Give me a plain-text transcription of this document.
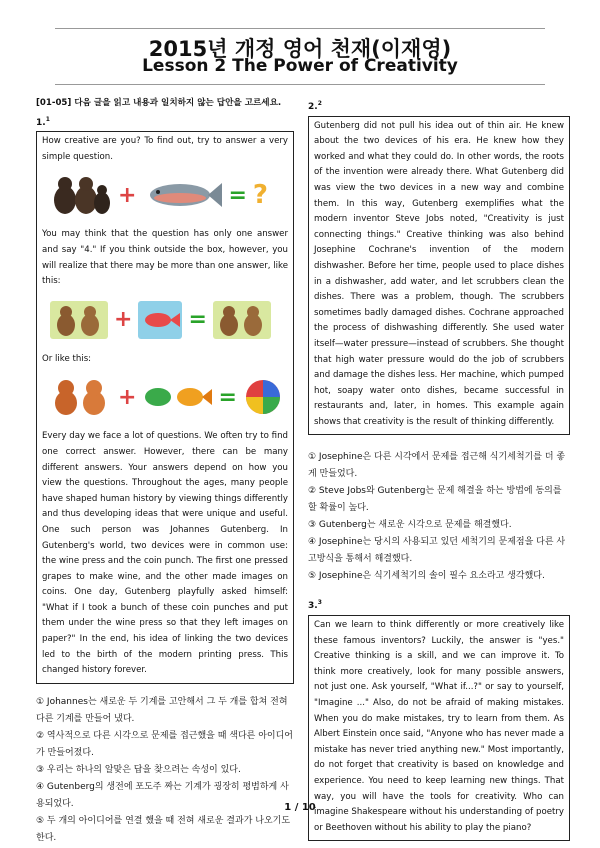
2015년 개정 영어 천재(이재영)
Lesson 2 The Power of Creativity

[01-05] 다음 글을 읽고 내용과 일치하지 않는 답안을 고르세요.

1.$^1$

How creative are you? To find out, try to answer a very simple question.

+	= ?

You may think that the question has only one answer and say "4." If you think outside the box, however, you will realize that there may be more than one answer, like this:

+	=

Or like this:

+	=

Every day we face a lot of questions. We often try to find one correct answer. However, there can be many different answers. Your answers depend on how you view the questions. Throughout the ages, many people have shaped human history by viewing things differently and thus developing ideas that were unique and useful. One such person was Johannes Gutenberg. In Gutenberg's world, two devices were in common use: the wine press and the coin punch. The first one pressed grapes to make wine, and the other made images on coins. One day, Gutenberg playfully asked himself: "What if I took a bunch of these coin punches and put them under the wine press so that they left images on paper?" In the end, his idea of linking the two devices led to the birth of the modern printing press. This changed history forever.

① Johannes는 새로운 두 기계를 고안해서 그 두 개를 합쳐 전혀 다른 기계를 만들어 냈다.

② 역사적으로 다른 시각으로 문제를 접근했을 때 색다른 아이디어가 만들어졌다.

③ 우리는 하나의 알맞은 답을 찾으려는 속성이 있다.

④ Gutenberg의 생전에 포도주 짜는 기계가 굉장히 평범하게 사용되었다.

⑤ 두 개의 아이디어를 연결 했을 때 전혀 새로운 결과가 나오기도 한다.

2.$^2$

Gutenberg did not pull his idea out of thin air. He knew about the two devices of his era. He knew how they worked and what they could do. In other words, the roots of the invention were already there. What Gutenberg did was view the two devices in a new way and combine them. In this way, Gutenberg exemplifies what the modern inventor Steve Jobs noted, "Creativity is just connecting things." Creative thinking was also behind Josephine Cochrane's invention of the modern dishwasher. Before her time, people used to place dishes in a dishwasher, add water, and let scrubbers clean the dishes. There was a problem, though. The scrubbers sometimes badly damaged dishes. Cochrane approached the process of dishwashing differently. She used water itself—water pressure—instead of scrubbers. She thought that high water pressure would do the job of scrubbers and damage the dishes less. Her machine, which pumped hot, soapy water onto dishes, became successful in restaurants and, later, in homes. This example again shows that creativity is the result of thinking differently.

① Josephine은 다른 시각에서 문제를 접근해 식기세척기를 더 좋게 만들었다.

② Steve Jobs와 Gutenberg는 문제 해결을 하는 방법에 동의를 할 확률이 높다.

③ Gutenberg는 새로운 시각으로 문제를 해결했다.

④ Josephine는 당시의 사용되고 있던 세척기의 문제점을 다른 사고방식을 통해서 해결했다.

⑤ Josephine은 식기세척기의 솔이 필수 요소라고 생각했다.

3.$^3$

Can we learn to think differently or more creatively like these famous inventors? Luckily, the answer is "yes." Creative thinking is a skill, and we can improve it. To think more creatively, look for many possible answers, not just one. Ask yourself, "What if...?" or say to yourself, "Imagine ..." Also, do not be afraid of making mistakes. When you do make mistakes, try to learn from them. As Albert Einstein once said, "Anyone who has never made a mistake has never tried anything new." Most importantly, do not forget that creativity is based on knowledge and experience. You need to keep learning new things. That way, you will have the tools for creativity. Who can imagine Shakespeare without his understanding of poetry or Beethoven without his ability to play the piano?

1 / 10
